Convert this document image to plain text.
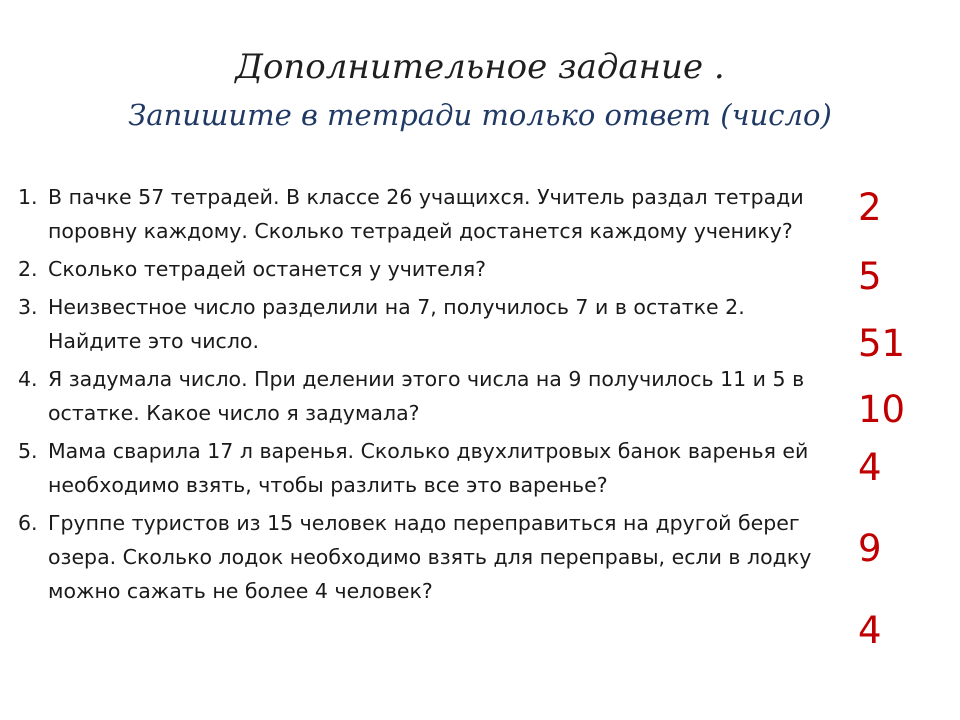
Дополнительное задание .
Запишите в тетради только ответ (число)
1. В пачке 57 тетрадей. В классе 26 учащихся. Учитель раздал тетради поровну каждому. Сколько тетрадей достанется каждому ученику?
2. Сколько тетрадей останется у учителя?
3. Неизвестное число разделили на 7, получилось 7 и в остатке 2. Найдите это число.
4. Я задумала число. При делении этого числа на 9 получилось 11 и 5 в остатке. Какое число я задумала?
5. Мама сварила 17 л варенья. Сколько двухлитровых банок варенья ей необходимо взять, чтобы разлить все это варенье?
6. Группе туристов из 15 человек надо переправиться на другой берег озера. Сколько лодок необходимо взять для переправы, если в лодку можно сажать не более 4 человек?
2
5
51
10
4
9
4
